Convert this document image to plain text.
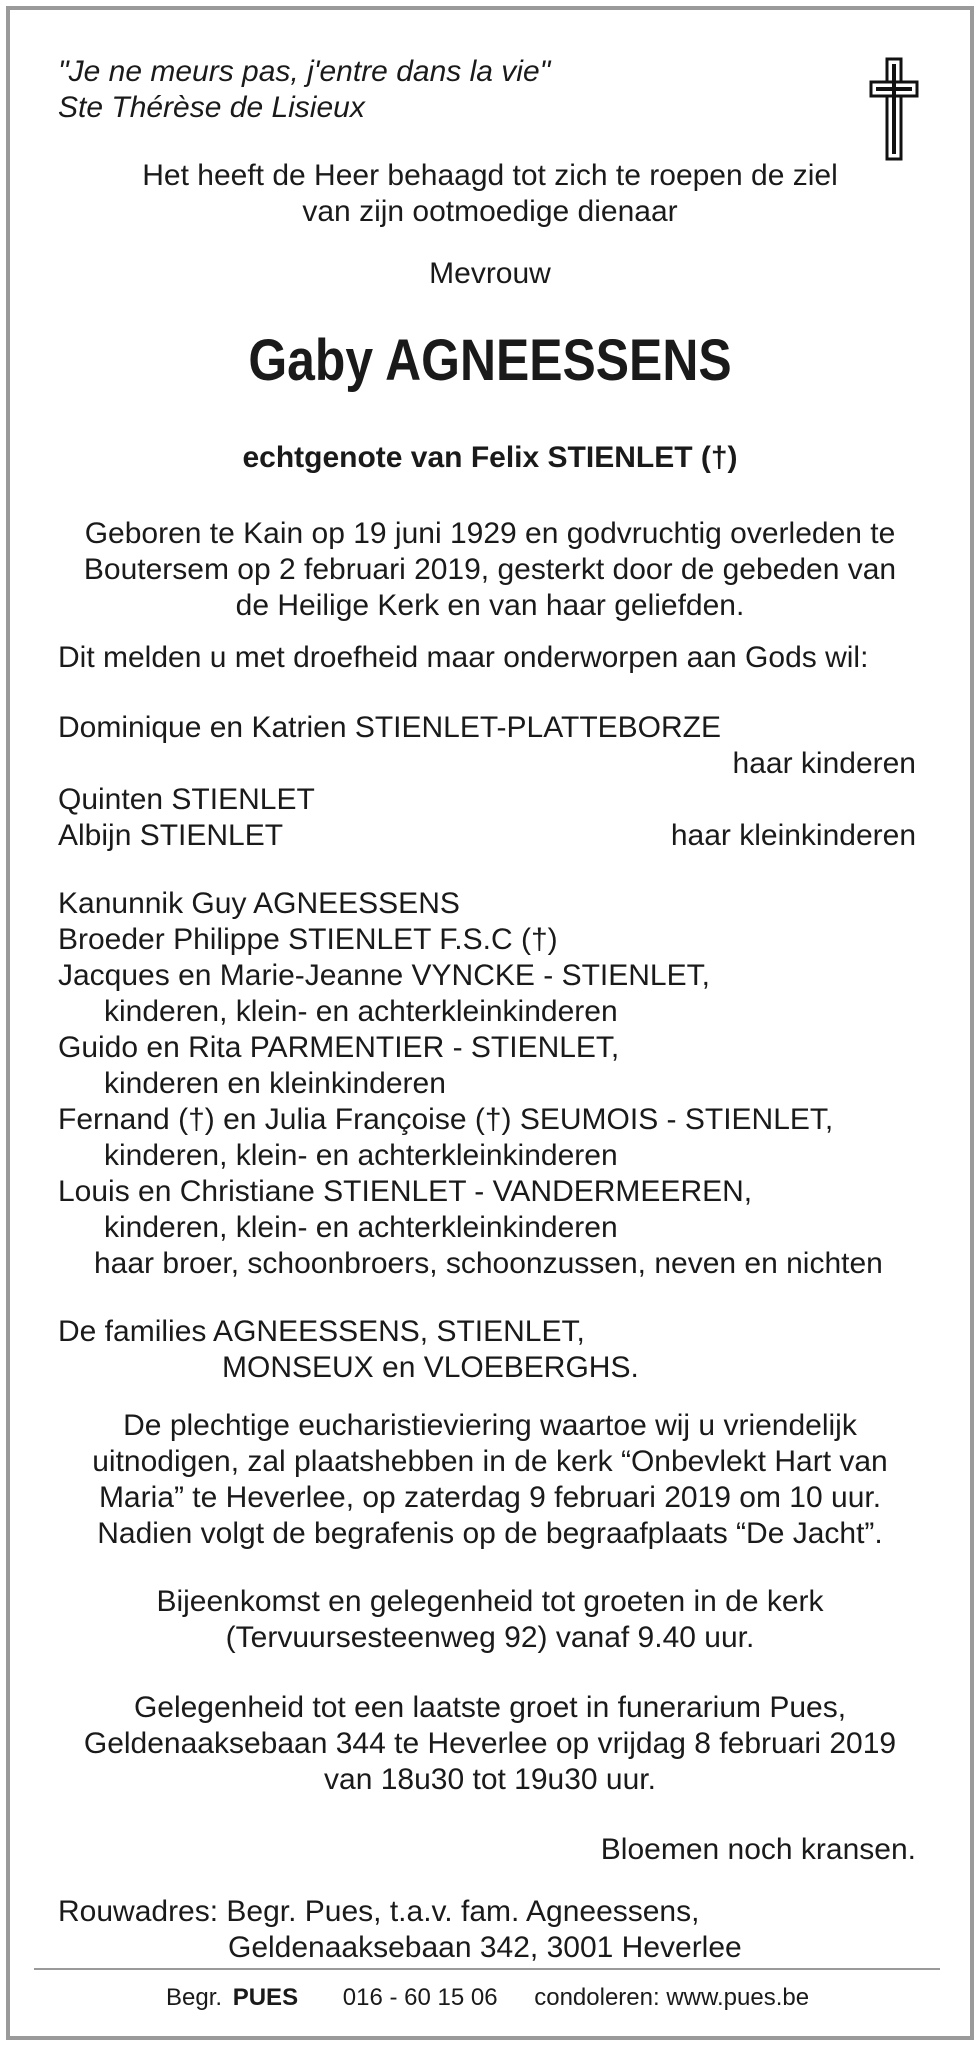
"Je ne meurs pas, j'entre dans la vie"
Ste Thérèse de Lisieux
Het heeft de Heer behaagd tot zich te roepen de ziel
van zijn ootmoedige dienaar
Mevrouw
Gaby AGNEESSENS
echtgenote van Felix STIENLET (†)
Geboren te Kain op 19 juni 1929 en godvruchtig overleden te
Boutersem op 2 februari 2019, gesterkt door de gebeden van
de Heilige Kerk en van haar geliefden.
Dit melden u met droefheid maar onderworpen aan Gods wil:
Dominique en Katrien STIENLET-PLATTEBORZE
haar kinderen
Quinten STIENLET
Albijn STIENLET	haar kleinkinderen
Kanunnik Guy AGNEESSENS
Broeder Philippe STIENLET F.S.C (†)
Jacques en Marie-Jeanne VYNCKE - STIENLET,
kinderen, klein- en achterkleinkinderen
Guido en Rita PARMENTIER - STIENLET,
kinderen en kleinkinderen
Fernand (†) en Julia Françoise (†) SEUMOIS - STIENLET,
kinderen, klein- en achterkleinkinderen
Louis en Christiane STIENLET - VANDERMEEREN,
kinderen, klein- en achterkleinkinderen
haar broer, schoonbroers, schoonzussen, neven en nichten
De families AGNEESSENS, STIENLET,
MONSEUX en VLOEBERGHS.
De plechtige eucharistieviering waartoe wij u vriendelijk
uitnodigen, zal plaatshebben in de kerk “Onbevlekt Hart van
Maria” te Heverlee, op zaterdag 9 februari 2019 om 10 uur.
Nadien volgt de begrafenis op de begraafplaats “De Jacht”.
Bijeenkomst en gelegenheid tot groeten in de kerk
(Tervuursesteenweg 92) vanaf 9.40 uur.
Gelegenheid tot een laatste groet in funerarium Pues,
Geldenaaksebaan 344 te Heverlee op vrijdag 8 februari 2019
van 18u30 tot 19u30 uur.
Bloemen noch kransen.
Rouwadres: Begr. Pues, t.a.v. fam. Agneessens,
Geldenaaksebaan 342, 3001 Heverlee
Begr. PUES 016 - 60 15 06 condoleren: www.pues.be
